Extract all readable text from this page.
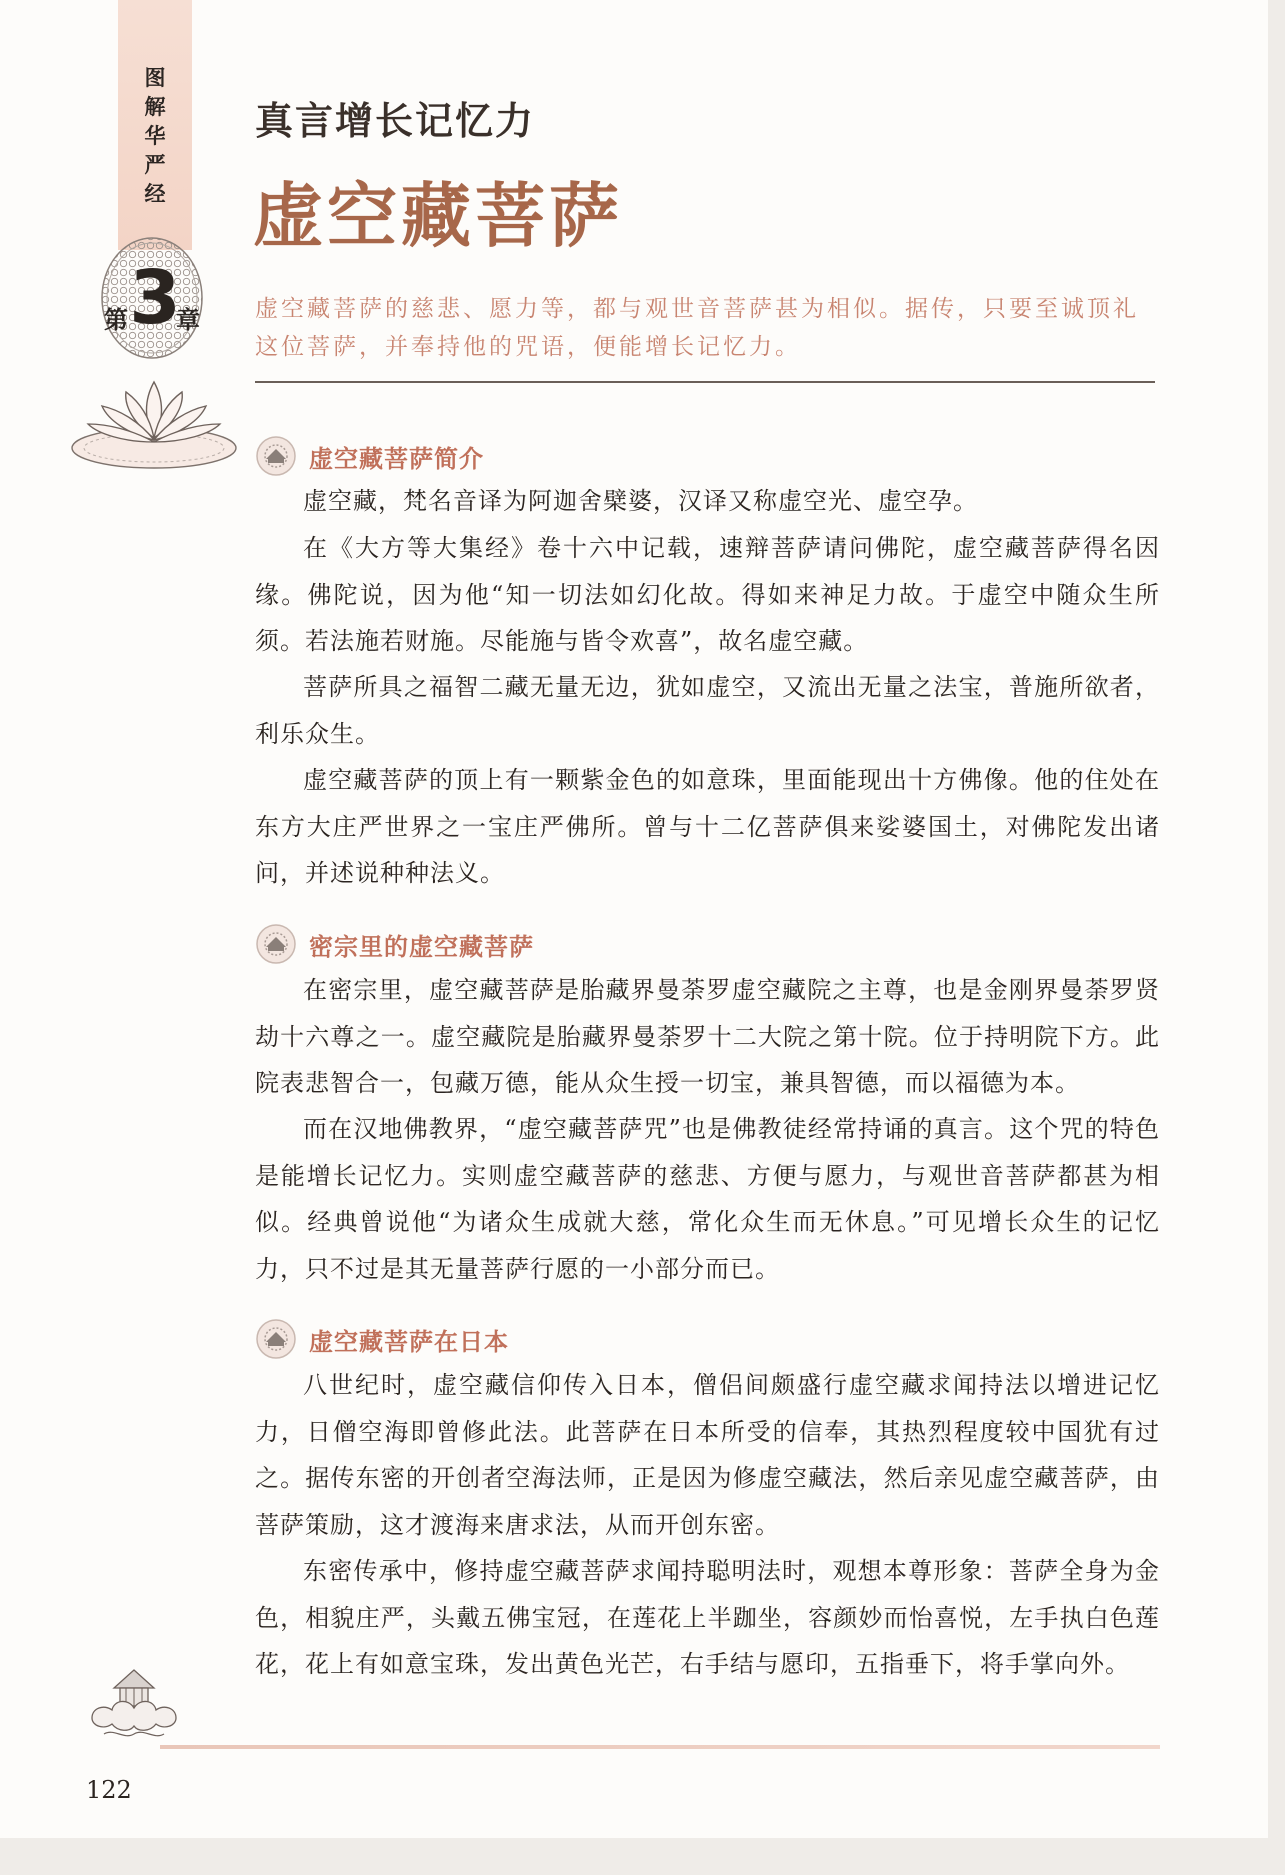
图
解
华
严
经
第 3
章
真言增长记忆力
虚空藏菩萨
虚空藏菩萨的慈悲、愿力等，都与观世音菩萨甚为相似。据传，只要至诚顶礼这位菩萨，并奉持他的咒语，便能增长记忆力。
虚空藏菩萨简介
虚空藏，梵名音译为阿迦舍檗婆，汉译又称虚空光、虚空孕。
在《大方等大集经》卷十六中记载，速辩菩萨请问佛陀，虚空藏菩萨得名因缘。佛陀说，因为他“知一切法如幻化故。得如来神足力故。于虚空中随众生所须。若法施若财施。尽能施与皆令欢喜”，故名虚空藏。
菩萨所具之福智二藏无量无边，犹如虚空，又流出无量之法宝，普施所欲者，利乐众生。
虚空藏菩萨的顶上有一颗紫金色的如意珠，里面能现出十方佛像。他的住处在东方大庄严世界之一宝庄严佛所。曾与十二亿菩萨俱来娑婆国土，对佛陀发出诸问，并述说种种法义。
密宗里的虚空藏菩萨
在密宗里，虚空藏菩萨是胎藏界曼荼罗虚空藏院之主尊，也是金刚界曼荼罗贤劫十六尊之一。虚空藏院是胎藏界曼荼罗十二大院之第十院。位于持明院下方。此院表悲智合一，包藏万德，能从众生授一切宝，兼具智德，而以福德为本。
而在汉地佛教界，“虚空藏菩萨咒”也是佛教徒经常持诵的真言。这个咒的特色是能增长记忆力。实则虚空藏菩萨的慈悲、方便与愿力，与观世音菩萨都甚为相似。经典曾说他“为诸众生成就大慈，常化众生而无休息。”可见增长众生的记忆力，只不过是其无量菩萨行愿的一小部分而已。
虚空藏菩萨在日本
八世纪时，虚空藏信仰传入日本，僧侣间颇盛行虚空藏求闻持法以增进记忆力，日僧空海即曾修此法。此菩萨在日本所受的信奉，其热烈程度较中国犹有过之。据传东密的开创者空海法师，正是因为修虚空藏法，然后亲见虚空藏菩萨，由菩萨策励，这才渡海来唐求法，从而开创东密。
东密传承中，修持虚空藏菩萨求闻持聪明法时，观想本尊形象：菩萨全身为金色，相貌庄严，头戴五佛宝冠，在莲花上半跏坐，容颜妙而怡喜悦，左手执白色莲花，花上有如意宝珠，发出黄色光芒，右手结与愿印，五指垂下，将手掌向外。
122
